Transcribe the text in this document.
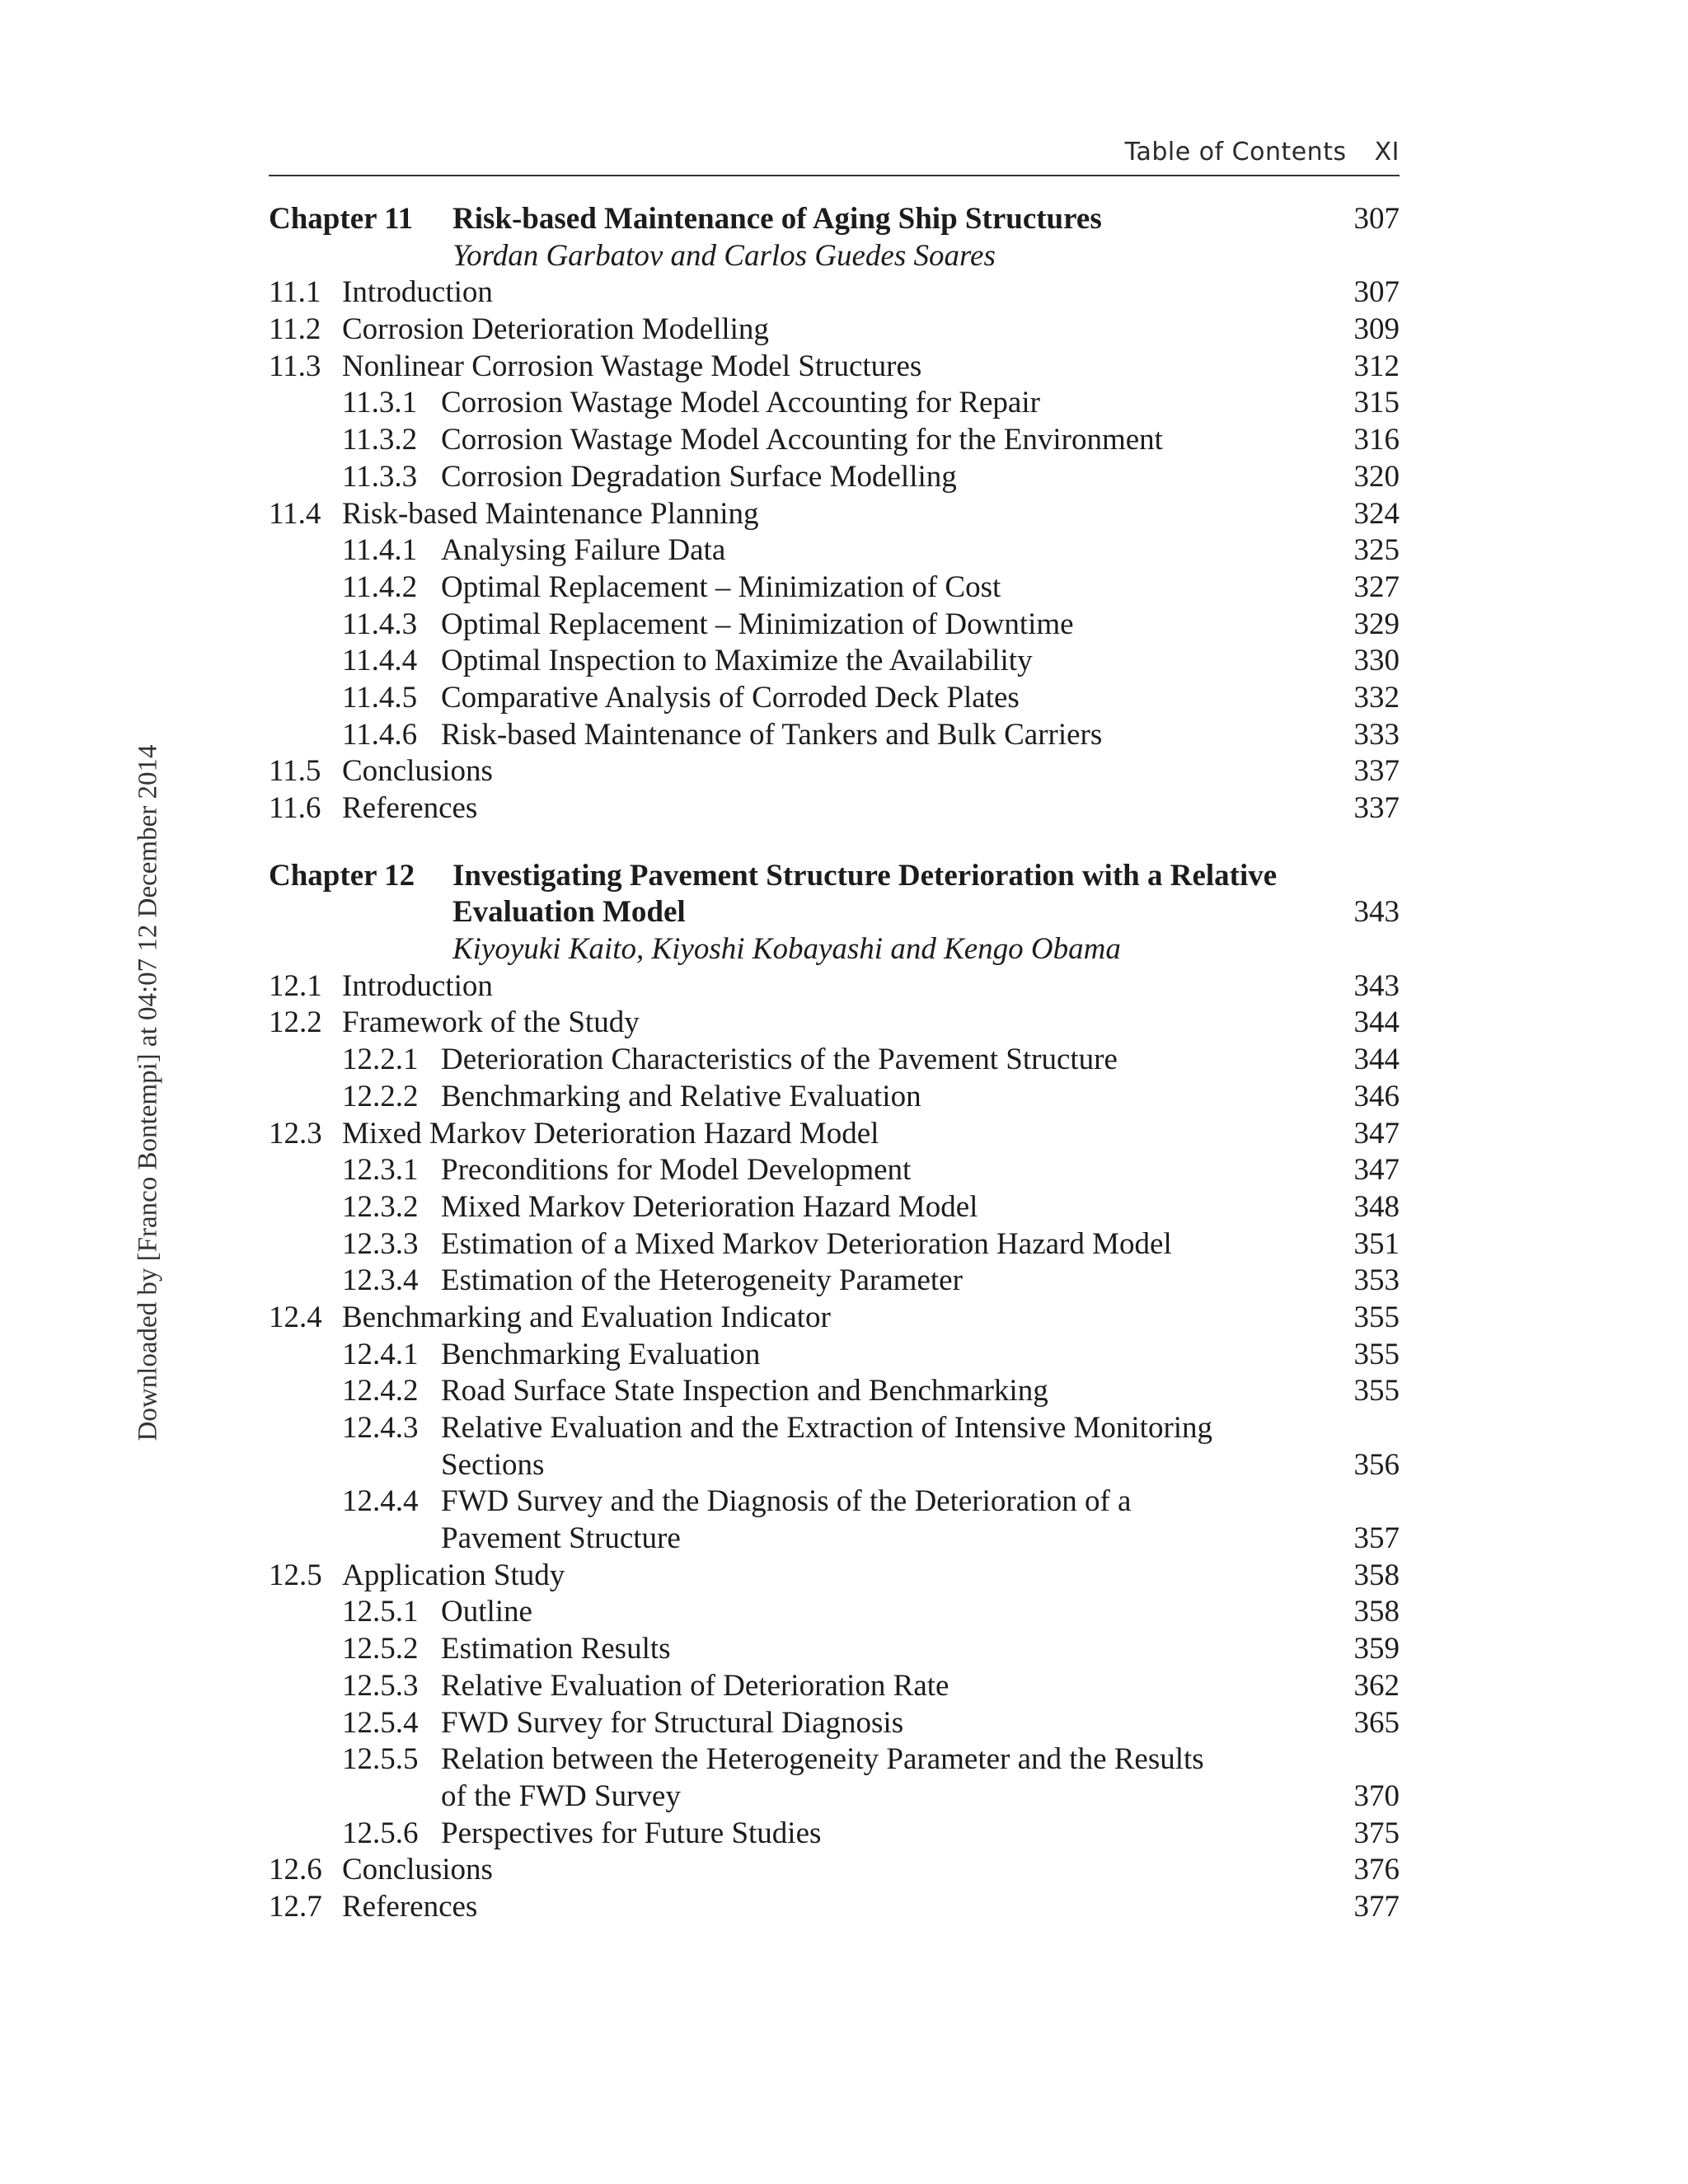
Downloaded by [Franco Bontempi] at 04:07 12 December 2014
Table of Contents XI
Chapter 11 Risk-based Maintenance of Aging Ship Structures	307
Yordan Garbatov and Carlos Guedes Soares
11.1 Introduction	307
11.2 Corrosion Deterioration Modelling	309
11.3 Nonlinear Corrosion Wastage Model Structures	312
11.3.1 Corrosion Wastage Model Accounting for Repair	315
11.3.2 Corrosion Wastage Model Accounting for the Environment	316
11.3.3 Corrosion Degradation Surface Modelling	320
11.4 Risk-based Maintenance Planning	324
11.4.1 Analysing Failure Data	325
11.4.2 Optimal Replacement – Minimization of Cost	327
11.4.3 Optimal Replacement – Minimization of Downtime	329
11.4.4 Optimal Inspection to Maximize the Availability	330
11.4.5 Comparative Analysis of Corroded Deck Plates	332
11.4.6 Risk-based Maintenance of Tankers and Bulk Carriers	333
11.5 Conclusions	337
11.6 References	337
Chapter 12 Investigating Pavement Structure Deterioration with a Relative
Evaluation Model	343
Kiyoyuki Kaito, Kiyoshi Kobayashi and Kengo Obama
12.1 Introduction	343
12.2 Framework of the Study	344
12.2.1 Deterioration Characteristics of the Pavement Structure	344
12.2.2 Benchmarking and Relative Evaluation	346
12.3 Mixed Markov Deterioration Hazard Model	347
12.3.1 Preconditions for Model Development	347
12.3.2 Mixed Markov Deterioration Hazard Model	348
12.3.3 Estimation of a Mixed Markov Deterioration Hazard Model	351
12.3.4 Estimation of the Heterogeneity Parameter	353
12.4 Benchmarking and Evaluation Indicator	355
12.4.1 Benchmarking Evaluation	355
12.4.2 Road Surface State Inspection and Benchmarking	355
12.4.3 Relative Evaluation and the Extraction of Intensive Monitoring
Sections	356
12.4.4 FWD Survey and the Diagnosis of the Deterioration of a
Pavement Structure	357
12.5 Application Study	358
12.5.1 Outline	358
12.5.2 Estimation Results	359
12.5.3 Relative Evaluation of Deterioration Rate	362
12.5.4 FWD Survey for Structural Diagnosis	365
12.5.5 Relation between the Heterogeneity Parameter and the Results
of the FWD Survey	370
12.5.6 Perspectives for Future Studies	375
12.6 Conclusions	376
12.7 References	377
